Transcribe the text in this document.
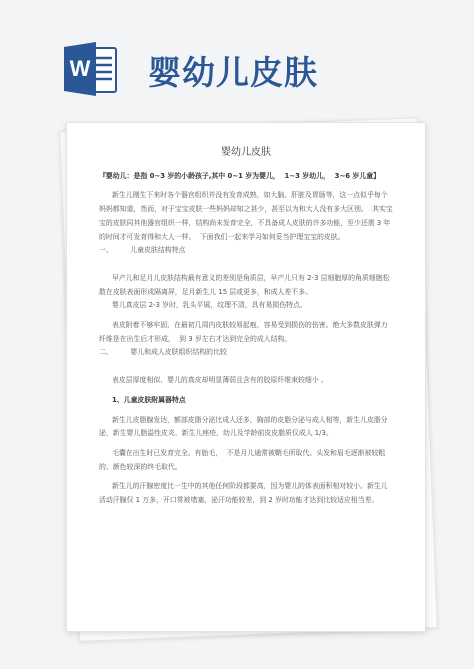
W 婴幼儿皮肤
婴幼儿皮肤

『婴幼儿：是指 0~3 岁的小龄孩子,其中 0~1 岁为婴儿，  1~3 岁幼儿，  3~6 岁儿童】

新生儿刚生下来时各个器官组织并没有发育成熟，如大脑、肝脏及胃肠等，这一点似乎每个妈妈都知道，然而，对于宝宝皮肤一些妈妈却知之甚少，甚至以为和大人没有多大区别。  其实宝宝的皮肤同其他器官组织一样，结构尚未发育完全，不具备成人皮肤的许多功能，至少还需 3 年的时间才可发育得和大人一样。  下面我们一起来学习如何妥当护理宝宝的皮肤。

一、        儿童皮肤结构特点

早产儿和足月儿皮肤结构最有意义的差别是角质层，早产儿只有 2-3 层细胞厚的角质细胞松散在皮肤表面形成隔离屏，足月新生儿 15 层或更多，和成人差不多。

婴儿真皮层 2-3 岁时，乳头平展，纹理不清，具有易损伤特点。

表皮附着不够牢固，在最初几周内皮肤较易起疱，容易受到损伤的伤害。绝大多数皮肤弹力纤维是在出生后才形成，  到 3 岁左右才达到完全的成人结构。

二、        婴儿和成人皮肤组织结构的比较

表皮层厚度相似、婴儿的真皮却明显薄弱且含有的胶原纤维束较细小 。

1、儿童皮肤附属器特点

新生儿皮脂腺发达，额部皮脂分泌比成人还多，胸部的皮脂分泌与成人相等，新生儿皮脂分泌，新生婴儿脂溢性皮炎、新生儿痤疮，幼儿及学龄前皮皮脂质仅成人 1/3。

毛囊在出生时已发育完全。有胎毛，  不是月儿通常被鞘毛所取代。头发和眉毛逐渐被较粗的、颜色较深的终毛取代。

新生儿的汗腺密度比一生中的其他任何阶段都要高，因为婴儿的体表面积相对较小。新生儿活动汗腺仅 1 万多，开口常被堵塞，泌汗功能较差，到 2 岁时功能才达到比较适应相当差。
